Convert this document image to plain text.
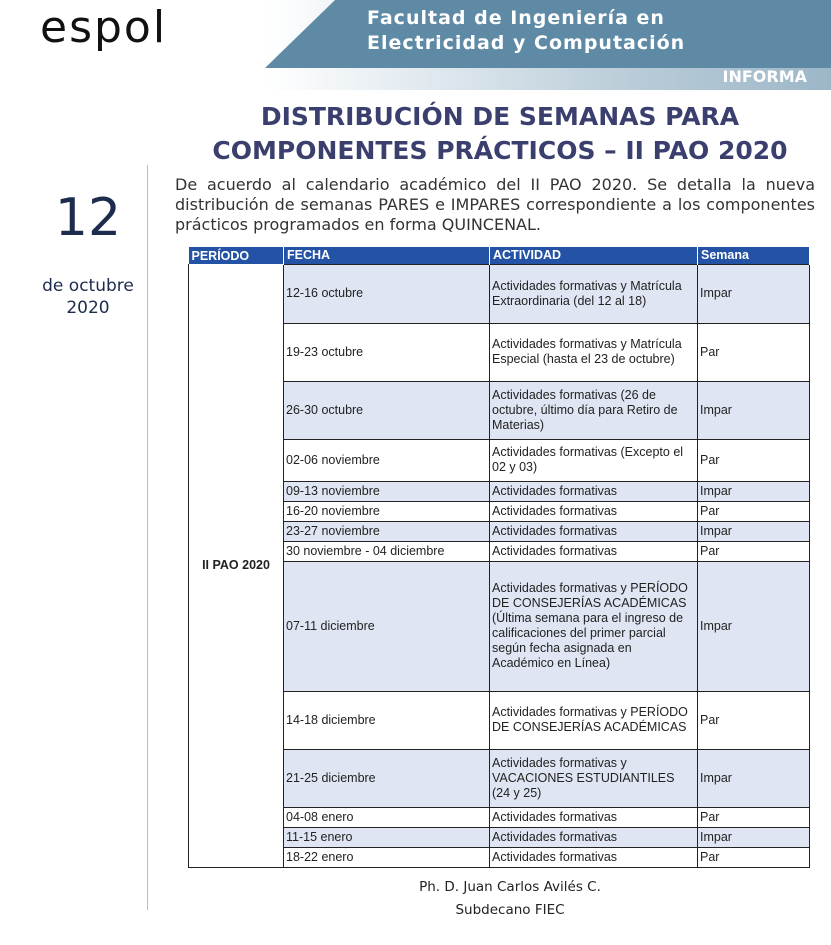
espol	Facultad de Ingeniería en
Electricidad y Computación
INFORMA
DISTRIBUCIÓN DE SEMANAS PARA
COMPONENTES PRÁCTICOS – II PAO 2020
12
de octubre
2020
De acuerdo al calendario académico del II PAO 2020. Se detalla la nueva distribución de semanas PARES e IMPARES correspondiente a los componentes prácticos programados en forma QUINCENAL.
PERÍODO	FECHA	ACTIVIDAD	Semana
II PAO 2020	12-16 octubre	Actividades formativas y Matrícula Extraordinaria (del 12 al 18)	Impar
	19-23 octubre	Actividades formativas y Matrícula Especial (hasta el 23 de octubre)	Par
	26-30 octubre	Actividades formativas (26 de octubre, último día para Retiro de Materias)	Impar
	02-06 noviembre	Actividades formativas (Excepto el 02 y 03)	Par
	09-13 noviembre	Actividades formativas	Impar
	16-20 noviembre	Actividades formativas	Par
	23-27 noviembre	Actividades formativas	Impar
	30 noviembre - 04 diciembre	Actividades formativas	Par
	07-11 diciembre	Actividades formativas y PERÍODO DE CONSEJERÍAS ACADÉMICAS (Última semana para el ingreso de calificaciones del primer parcial según fecha asignada en Académico en Línea)	Impar
	14-18 diciembre	Actividades formativas y PERÍODO DE CONSEJERÍAS ACADÉMICAS	Par
	21-25 diciembre	Actividades formativas y VACACIONES ESTUDIANTILES (24 y 25)	Impar
	04-08 enero	Actividades formativas	Par
	11-15 enero	Actividades formativas	Impar
	18-22 enero	Actividades formativas	Par
Ph. D. Juan Carlos Avilés C.
Subdecano FIEC
